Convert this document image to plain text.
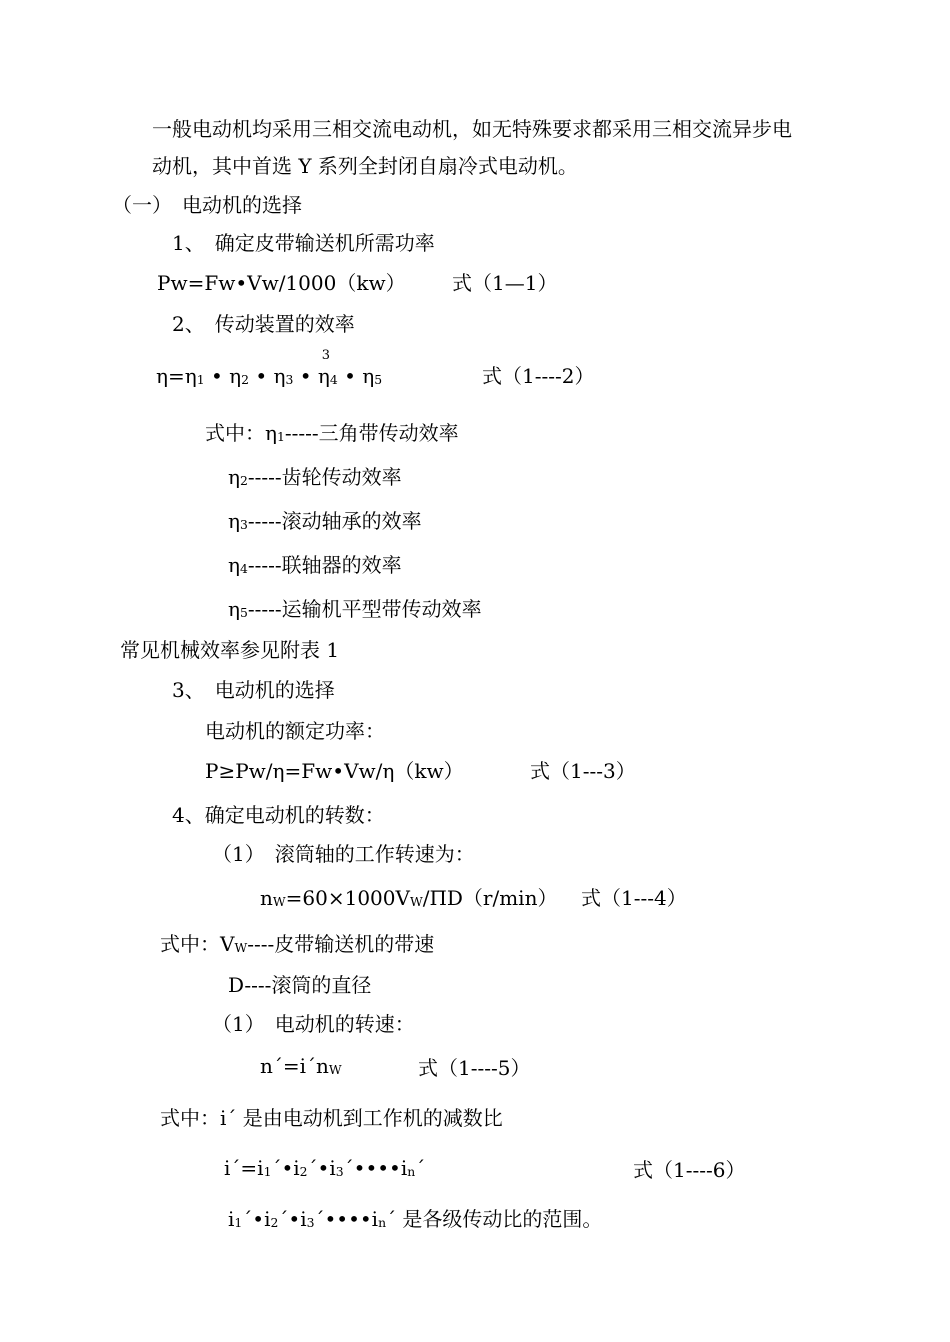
一般电动机均采用三相交流电动机，如无特殊要求都采用三相交流异步电
动机，其中首选 Y 系列全封闭自扇冷式电动机。
（一）　电动机的选择
1、　确定皮带输送机所需功率
Pw=Fw•Vw/1000（kw） 式（1—1）
2、　传动装置的效率
$\eta=\eta_1$ • $\eta_2$ • $\eta_3$ • η
3
$_4$ • $\eta_5$	式（1----2）
式中：$\eta_1-----$三角带传动效率
$\eta_2-----$齿轮传动效率
$\eta_3-----$滚动轴承的效率
$\eta_4-----$联轴器的效率
$\eta_5-----$运输机平型带传动效率
常见机械效率参见附表 1
3、　电动机的选择
电动机的额定功率：
P≥Pw/η=Fw•Vw/η（kw）	式（1---3）
4、确定电动机的转数：
（1）　滚筒轴的工作转速为：
$n_W=60\times 1000V_W/\Pi D(r/\min)$ 式（1---4）
式中：$V_W----$皮带输送机的带速
D----滚筒的直径
（1）　电动机的转速：
$n´=i´n_W$	式（1----5）
式中：i´ 是由电动机到工作机的减数比
$i´=i_1´•i_2´•i_3´••••i_n´$	式（1----6）
$i_1´•i_2´•i_3´••••i_n´$ 是各级传动比的范围。
